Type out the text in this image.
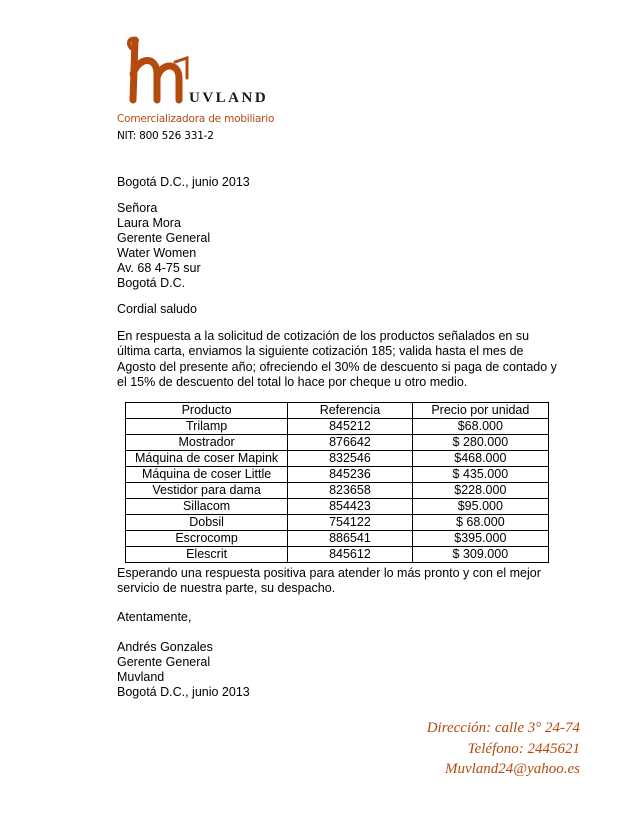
UVLAND
Comercializadora de mobiliario
NIT: 800 526 331-2
Bogotá D.C., junio 2013
Señora
Laura Mora
Gerente General
Water Women
Av. 68 4-75 sur
Bogotá D.C.
Cordial saludo
En respuesta a la solicitud de cotización de los productos señalados en su última carta, enviamos la siguiente cotización 185; valida hasta el mes de Agosto del presente año; ofreciendo el 30% de descuento si paga de contado y el 15% de descuento del total lo hace por cheque u otro medio.
Producto	Referencia	Precio por unidad
Trilamp	845212	$68.000
Mostrador	876642	$ 280.000
Máquina de coser Mapink	832546	$468.000
Máquina de coser Little	845236	$ 435.000
Vestidor para dama	823658	$228.000
Sillacom	854423	$95.000
Dobsil	754122	$ 68.000
Escrocomp	886541	$395.000
Elescrit	845612	$ 309.000
Esperando una respuesta positiva para atender lo más pronto y con el mejor servicio de nuestra parte, su despacho.
Atentamente,
Andrés Gonzales
Gerente General
Muvland
Bogotá D.C., junio 2013
Dirección: calle 3° 24-74
Teléfono: 2445621
Muvland24@yahoo.es
